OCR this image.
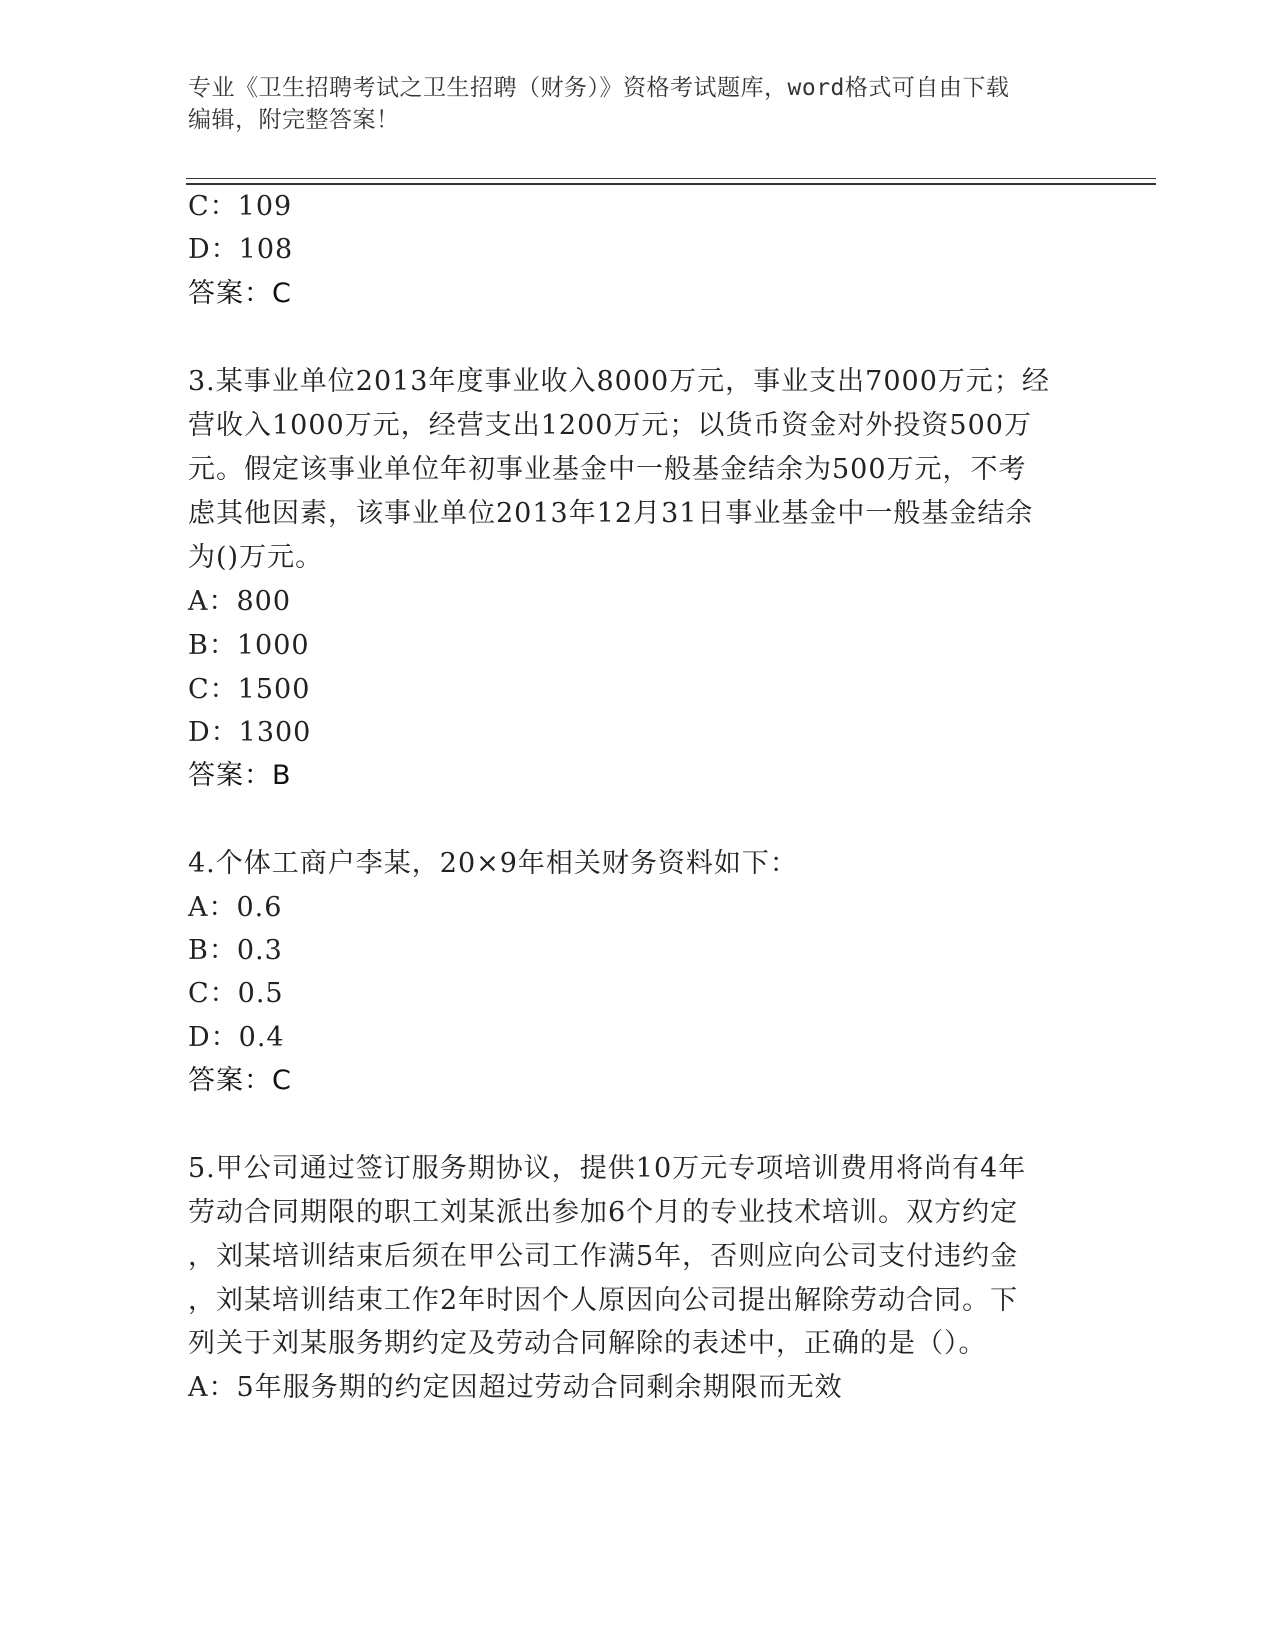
专业《卫生招聘考试之卫生招聘（财务）》资格考试题库，word格式可自由下载
编辑，附完整答案！
C：109
D：108
答案：C
3.某事业单位2013年度事业收入8000万元，事业支出7000万元；经
营收入1000万元，经营支出1200万元；以货币资金对外投资500万
元。假定该事业单位年初事业基金中一般基金结余为500万元，不考
虑其他因素，该事业单位2013年12月31日事业基金中一般基金结余
为()万元。
A：800
B：1000
C：1500
D：1300
答案：B
4.个体工商户李某，20×9年相关财务资料如下：
A：0.6
B：0.3
C：0.5
D：0.4
答案：C
5.甲公司通过签订服务期协议，提供10万元专项培训费用将尚有4年
劳动合同期限的职工刘某派出参加6个月的专业技术培训。双方约定
，刘某培训结束后须在甲公司工作满5年，否则应向公司支付违约金
，刘某培训结束工作2年时因个人原因向公司提出解除劳动合同。下
列关于刘某服务期约定及劳动合同解除的表述中，正确的是（）。
A：5年服务期的约定因超过劳动合同剩余期限而无效
